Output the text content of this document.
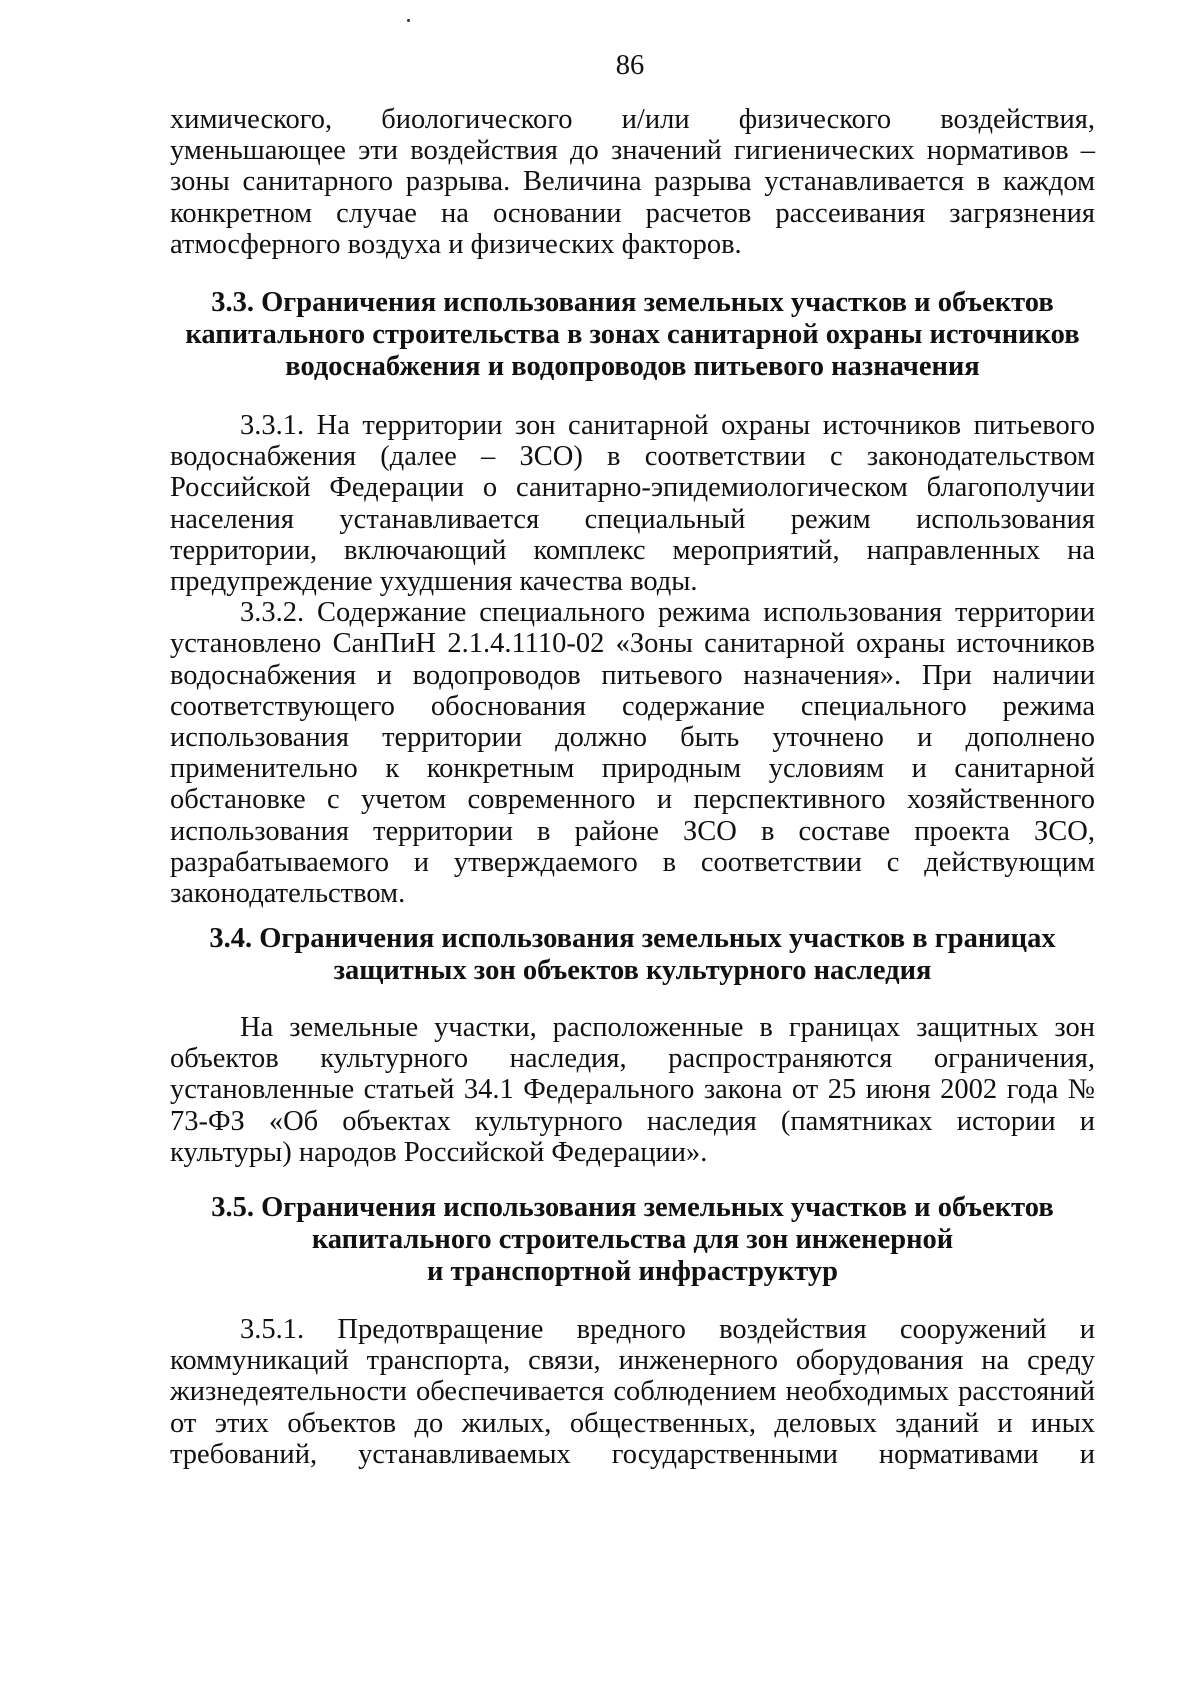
86

химического, биологического и/или физического воздействия, уменьшающее эти воздействия до значений гигиенических нормативов – зоны санитарного разрыва. Величина разрыва устанавливается в каждом конкретном случае на основании расчетов рассеивания загрязнения атмосферного воздуха и физических факторов.

3.3. Ограничения использования земельных участков и объектов
капитального строительства в зонах санитарной охраны источников
водоснабжения и водопроводов питьевого назначения

3.3.1. На территории зон санитарной охраны источников питьевого водоснабжения (далее – ЗСО) в соответствии с законодательством Российской Федерации о санитарно-эпидемиологическом благополучии населения устанавливается специальный режим использования территории, включающий комплекс мероприятий, направленных на предупреждение ухудшения качества воды.

3.3.2. Содержание специального режима использования территории установлено СанПиН 2.1.4.1110-02 «Зоны санитарной охраны источников водоснабжения и водопроводов питьевого назначения». При наличии соответствующего обоснования содержание специального режима использования территории должно быть уточнено и дополнено применительно к конкретным природным условиям и санитарной обстановке с учетом современного и перспективного хозяйственного использования территории в районе ЗСО в составе проекта ЗСО, разрабатываемого и утверждаемого в соответствии с действующим законодательством.

3.4. Ограничения использования земельных участков в границах
защитных зон объектов культурного наследия

На земельные участки, расположенные в границах защитных зон объектов культурного наследия, распространяются ограничения, установленные статьей 34.1 Федерального закона от 25 июня 2002 года № 73-ФЗ «Об объектах культурного наследия (памятниках истории и культуры) народов Российской Федерации».

3.5. Ограничения использования земельных участков и объектов
капитального строительства для зон инженерной
и транспортной инфраструктур

3.5.1. Предотвращение вредного воздействия сооружений и коммуникаций транспорта, связи, инженерного оборудования на среду жизнедеятельности обеспечивается соблюдением необходимых расстояний от этих объектов до жилых, общественных, деловых зданий и иных требований, устанавливаемых государственными нормативами и
